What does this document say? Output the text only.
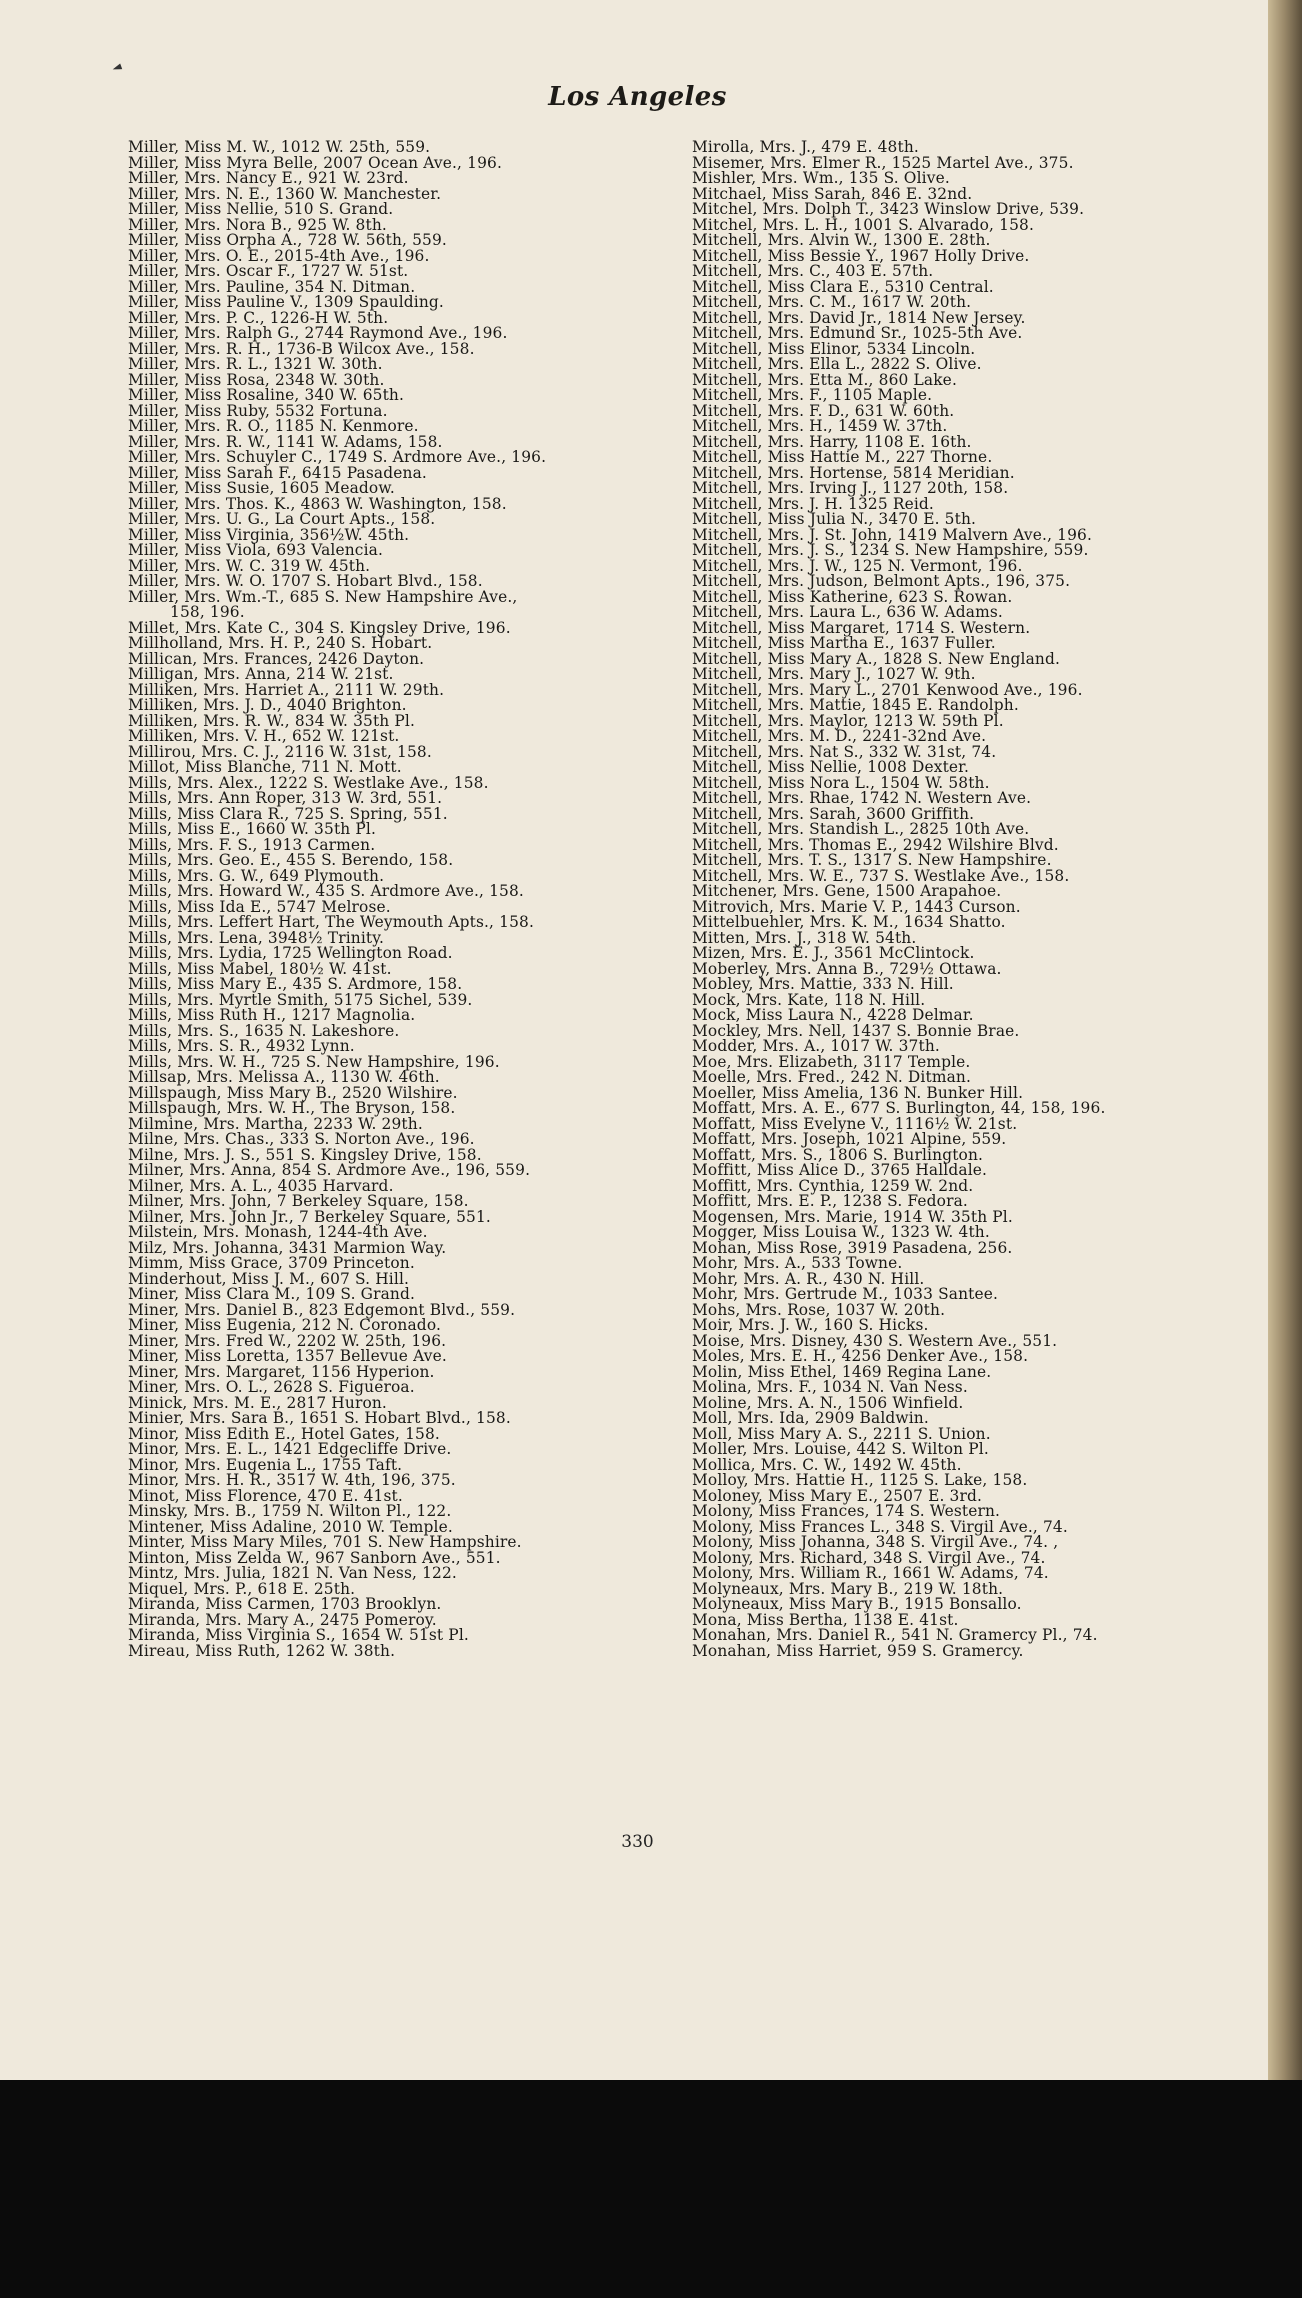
◄
Los Angeles
Miller, Miss M. W., 1012 W. 25th, 559.
Miller, Miss Myra Belle, 2007 Ocean Ave., 196.
Miller, Mrs. Nancy E., 921 W. 23rd.
Miller, Mrs. N. E., 1360 W. Manchester.
Miller, Miss Nellie, 510 S. Grand.
Miller, Mrs. Nora B., 925 W. 8th.
Miller, Miss Orpha A., 728 W. 56th, 559.
Miller, Mrs. O. E., 2015-4th Ave., 196.
Miller, Mrs. Oscar F., 1727 W. 51st.
Miller, Mrs. Pauline, 354 N. Ditman.
Miller, Miss Pauline V., 1309 Spaulding.
Miller, Mrs. P. C., 1226-H W. 5th.
Miller, Mrs. Ralph G., 2744 Raymond Ave., 196.
Miller, Mrs. R. H., 1736-B Wilcox Ave., 158.
Miller, Mrs. R. L., 1321 W. 30th.
Miller, Miss Rosa, 2348 W. 30th.
Miller, Miss Rosaline, 340 W. 65th.
Miller, Miss Ruby, 5532 Fortuna.
Miller, Mrs. R. O., 1185 N. Kenmore.
Miller, Mrs. R. W., 1141 W. Adams, 158.
Miller, Mrs. Schuyler C., 1749 S. Ardmore Ave., 196.
Miller, Miss Sarah F., 6415 Pasadena.
Miller, Miss Susie, 1605 Meadow.
Miller, Mrs. Thos. K., 4863 W. Washington, 158.
Miller, Mrs. U. G., La Court Apts., 158.
Miller, Miss Virginia, 356½W. 45th.
Miller, Miss Viola, 693 Valencia.
Miller, Mrs. W. C. 319 W. 45th.
Miller, Mrs. W. O. 1707 S. Hobart Blvd., 158.
Miller, Mrs. Wm.-T., 685 S. New Hampshire Ave.,
158, 196.
Millet, Mrs. Kate C., 304 S. Kingsley Drive, 196.
Millholland, Mrs. H. P., 240 S. Hobart.
Millican, Mrs. Frances, 2426 Dayton.
Milligan, Mrs. Anna, 214 W. 21st.
Milliken, Mrs. Harriet A., 2111 W. 29th.
Milliken, Mrs. J. D., 4040 Brighton.
Milliken, Mrs. R. W., 834 W. 35th Pl.
Milliken, Mrs. V. H., 652 W. 121st.
Millirou, Mrs. C. J., 2116 W. 31st, 158.
Millot, Miss Blanche, 711 N. Mott.
Mills, Mrs. Alex., 1222 S. Westlake Ave., 158.
Mills, Mrs. Ann Roper, 313 W. 3rd, 551.
Mills, Miss Clara R., 725 S. Spring, 551.
Mills, Miss E., 1660 W. 35th Pl.
Mills, Mrs. F. S., 1913 Carmen.
Mills, Mrs. Geo. E., 455 S. Berendo, 158.
Mills, Mrs. G. W., 649 Plymouth.
Mills, Mrs. Howard W., 435 S. Ardmore Ave., 158.
Mills, Miss Ida E., 5747 Melrose.
Mills, Mrs. Leffert Hart, The Weymouth Apts., 158.
Mills, Mrs. Lena, 3948½ Trinity.
Mills, Mrs. Lydia, 1725 Wellington Road.
Mills, Miss Mabel, 180½ W. 41st.
Mills, Miss Mary E., 435 S. Ardmore, 158.
Mills, Mrs. Myrtle Smith, 5175 Sichel, 539.
Mills, Miss Ruth H., 1217 Magnolia.
Mills, Mrs. S., 1635 N. Lakeshore.
Mills, Mrs. S. R., 4932 Lynn.
Mills, Mrs. W. H., 725 S. New Hampshire, 196.
Millsap, Mrs. Melissa A., 1130 W. 46th.
Millspaugh, Miss Mary B., 2520 Wilshire.
Millspaugh, Mrs. W. H., The Bryson, 158.
Milmine, Mrs. Martha, 2233 W. 29th.
Milne, Mrs. Chas., 333 S. Norton Ave., 196.
Milne, Mrs. J. S., 551 S. Kingsley Drive, 158.
Milner, Mrs. Anna, 854 S. Ardmore Ave., 196, 559.
Milner, Mrs. A. L., 4035 Harvard.
Milner, Mrs. John, 7 Berkeley Square, 158.
Milner, Mrs. John Jr., 7 Berkeley Square, 551.
Milstein, Mrs. Monash, 1244-4th Ave.
Milz, Mrs. Johanna, 3431 Marmion Way.
Mimm, Miss Grace, 3709 Princeton.
Minderhout, Miss J. M., 607 S. Hill.
Miner, Miss Clara M., 109 S. Grand.
Miner, Mrs. Daniel B., 823 Edgemont Blvd., 559.
Miner, Miss Eugenia, 212 N. Coronado.
Miner, Mrs. Fred W., 2202 W. 25th, 196.
Miner, Miss Loretta, 1357 Bellevue Ave.
Miner, Mrs. Margaret, 1156 Hyperion.
Miner, Mrs. O. L., 2628 S. Figueroa.
Minick, Mrs. M. E., 2817 Huron.
Minier, Mrs. Sara B., 1651 S. Hobart Blvd., 158.
Minor, Miss Edith E., Hotel Gates, 158.
Minor, Mrs. E. L., 1421 Edgecliffe Drive.
Minor, Mrs. Eugenia L., 1755 Taft.
Minor, Mrs. H. R., 3517 W. 4th, 196, 375.
Minot, Miss Florence, 470 E. 41st.
Minsky, Mrs. B., 1759 N. Wilton Pl., 122.
Mintener, Miss Adaline, 2010 W. Temple.
Minter, Miss Mary Miles, 701 S. New Hampshire.
Minton, Miss Zelda W., 967 Sanborn Ave., 551.
Mintz, Mrs. Julia, 1821 N. Van Ness, 122.
Miquel, Mrs. P., 618 E. 25th.
Miranda, Miss Carmen, 1703 Brooklyn.
Miranda, Mrs. Mary A., 2475 Pomeroy.
Miranda, Miss Virginia S., 1654 W. 51st Pl.
Mireau, Miss Ruth, 1262 W. 38th.
Mirolla, Mrs. J., 479 E. 48th.
Misemer, Mrs. Elmer R., 1525 Martel Ave., 375.
Mishler, Mrs. Wm., 135 S. Olive.
Mitchael, Miss Sarah, 846 E. 32nd.
Mitchel, Mrs. Dolph T., 3423 Winslow Drive, 539.
Mitchel, Mrs. L. H., 1001 S. Alvarado, 158.
Mitchell, Mrs. Alvin W., 1300 E. 28th.
Mitchell, Miss Bessie Y., 1967 Holly Drive.
Mitchell, Mrs. C., 403 E. 57th.
Mitchell, Miss Clara E., 5310 Central.
Mitchell, Mrs. C. M., 1617 W. 20th.
Mitchell, Mrs. David Jr., 1814 New Jersey.
Mitchell, Mrs. Edmund Sr., 1025-5th Ave.
Mitchell, Miss Elinor, 5334 Lincoln.
Mitchell, Mrs. Ella L., 2822 S. Olive.
Mitchell, Mrs. Etta M., 860 Lake.
Mitchell, Mrs. F., 1105 Maple.
Mitchell, Mrs. F. D., 631 W. 60th.
Mitchell, Mrs. H., 1459 W. 37th.
Mitchell, Mrs. Harry, 1108 E. 16th.
Mitchell, Miss Hattie M., 227 Thorne.
Mitchell, Mrs. Hortense, 5814 Meridian.
Mitchell, Mrs. Irving J., 1127 20th, 158.
Mitchell, Mrs. J. H. 1325 Reid.
Mitchell, Miss Julia N., 3470 E. 5th.
Mitchell, Mrs. J. St. John, 1419 Malvern Ave., 196.
Mitchell, Mrs. J. S., 1234 S. New Hampshire, 559.
Mitchell, Mrs. J. W., 125 N. Vermont, 196.
Mitchell, Mrs. Judson, Belmont Apts., 196, 375.
Mitchell, Miss Katherine, 623 S. Rowan.
Mitchell, Mrs. Laura L., 636 W. Adams.
Mitchell, Miss Margaret, 1714 S. Western.
Mitchell, Miss Martha E., 1637 Fuller.
Mitchell, Miss Mary A., 1828 S. New England.
Mitchell, Mrs. Mary J., 1027 W. 9th.
Mitchell, Mrs. Mary L., 2701 Kenwood Ave., 196.
Mitchell, Mrs. Mattie, 1845 E. Randolph.
Mitchell, Mrs. Maylor, 1213 W. 59th Pl.
Mitchell, Mrs. M. D., 2241-32nd Ave.
Mitchell, Mrs. Nat S., 332 W. 31st, 74.
Mitchell, Miss Nellie, 1008 Dexter.
Mitchell, Miss Nora L., 1504 W. 58th.
Mitchell, Mrs. Rhae, 1742 N. Western Ave.
Mitchell, Mrs. Sarah, 3600 Griffith.
Mitchell, Mrs. Standish L., 2825 10th Ave.
Mitchell, Mrs. Thomas E., 2942 Wilshire Blvd.
Mitchell, Mrs. T. S., 1317 S. New Hampshire.
Mitchell, Mrs. W. E., 737 S. Westlake Ave., 158.
Mitchener, Mrs. Gene, 1500 Arapahoe.
Mitrovich, Mrs. Marie V. P., 1443 Curson.
Mittelbuehler, Mrs. K. M., 1634 Shatto.
Mitten, Mrs. J., 318 W. 54th.
Mizen, Mrs. E. J., 3561 McClintock.
Moberley, Mrs. Anna B., 729½ Ottawa.
Mobley, Mrs. Mattie, 333 N. Hill.
Mock, Mrs. Kate, 118 N. Hill.
Mock, Miss Laura N., 4228 Delmar.
Mockley, Mrs. Nell, 1437 S. Bonnie Brae.
Modder, Mrs. A., 1017 W. 37th.
Moe, Mrs. Elizabeth, 3117 Temple.
Moelle, Mrs. Fred., 242 N. Ditman.
Moeller, Miss Amelia, 136 N. Bunker Hill.
Moffatt, Mrs. A. E., 677 S. Burlington, 44, 158, 196.
Moffatt, Miss Evelyne V., 1116½ W. 21st.
Moffatt, Mrs. Joseph, 1021 Alpine, 559.
Moffatt, Mrs. S., 1806 S. Burlington.
Moffitt, Miss Alice D., 3765 Halldale.
Moffitt, Mrs. Cynthia, 1259 W. 2nd.
Moffitt, Mrs. E. P., 1238 S. Fedora.
Mogensen, Mrs. Marie, 1914 W. 35th Pl.
Mogger, Miss Louisa W., 1323 W. 4th.
Mohan, Miss Rose, 3919 Pasadena, 256.
Mohr, Mrs. A., 533 Towne.
Mohr, Mrs. A. R., 430 N. Hill.
Mohr, Mrs. Gertrude M., 1033 Santee.
Mohs, Mrs. Rose, 1037 W. 20th.
Moir, Mrs. J. W., 160 S. Hicks.
Moise, Mrs. Disney, 430 S. Western Ave., 551.
Moles, Mrs. E. H., 4256 Denker Ave., 158.
Molin, Miss Ethel, 1469 Regina Lane.
Molina, Mrs. F., 1034 N. Van Ness.
Moline, Mrs. A. N., 1506 Winfield.
Moll, Mrs. Ida, 2909 Baldwin.
Moll, Miss Mary A. S., 2211 S. Union.
Moller, Mrs. Louise, 442 S. Wilton Pl.
Mollica, Mrs. C. W., 1492 W. 45th.
Molloy, Mrs. Hattie H., 1125 S. Lake, 158.
Moloney, Miss Mary E., 2507 E. 3rd.
Molony, Miss Frances, 174 S. Western.
Molony, Miss Frances L., 348 S. Virgil Ave., 74.
Molony, Miss Johanna, 348 S. Virgil Ave., 74. ,
Molony, Mrs. Richard, 348 S. Virgil Ave., 74.
Molony, Mrs. William R., 1661 W. Adams, 74.
Molyneaux, Mrs. Mary B., 219 W. 18th.
Molyneaux, Miss Mary B., 1915 Bonsallo.
Mona, Miss Bertha, 1138 E. 41st.
Monahan, Mrs. Daniel R., 541 N. Gramercy Pl., 74.
Monahan, Miss Harriet, 959 S. Gramercy.
330
